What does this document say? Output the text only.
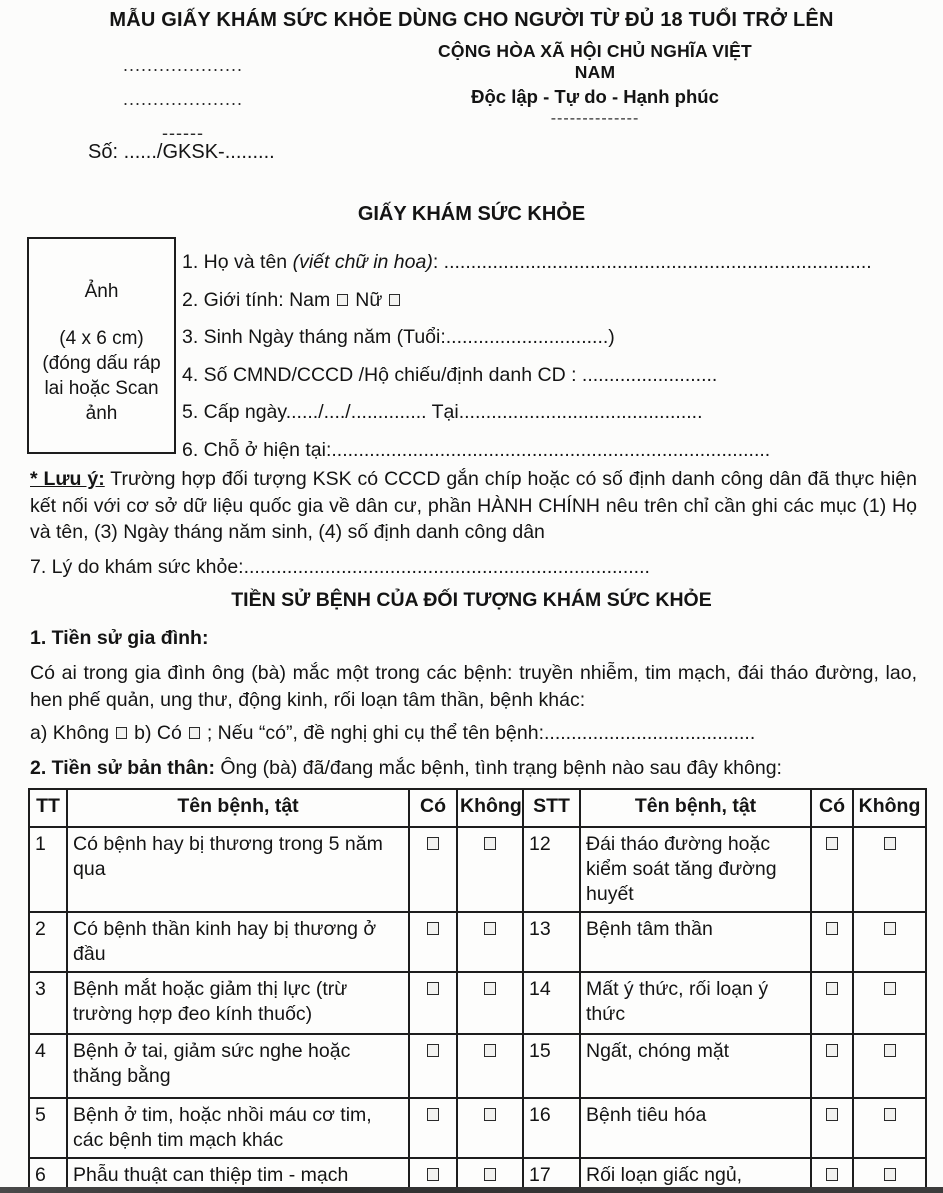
MẪU GIẤY KHÁM SỨC KHỎE DÙNG CHO NGƯỜI TỪ ĐỦ 18 TUỔI TRỞ LÊN
....................
....................
------
CỘNG HÒA XÃ HỘI CHỦ NGHĨA VIỆT NAM
Độc lập - Tự do - Hạnh phúc
--------------
Số: ....../GKSK-.........
GIẤY KHÁM SỨC KHỎE
Ảnh
(4 x 6 cm)
(đóng dấu ráp
lai hoặc Scan
ảnh
1. Họ và tên (viết chữ in hoa): ...............................................................................
2. Giới tính: Nam Nữ
3. Sinh Ngày tháng năm (Tuổi:..............................)
4. Số CMND/CCCD /Hộ chiếu/định danh CD : .........................
5. Cấp ngày....../..../.............. Tại.............................................
6. Chỗ ở hiện tại:.................................................................................
* Lưu ý: Trường hợp đối tượng KSK có CCCD gắn chíp hoặc có số định danh công dân đã thực hiện kết nối với cơ sở dữ liệu quốc gia về dân cư, phần HÀNH CHÍNH nêu trên chỉ cần ghi các mục (1) Họ và tên, (3) Ngày tháng năm sinh, (4) số định danh công dân
7. Lý do khám sức khỏe:...........................................................................
TIỀN SỬ BỆNH CỦA ĐỐI TƯỢNG KHÁM SỨC KHỎE
1. Tiền sử gia đình:
Có ai trong gia đình ông (bà) mắc một trong các bệnh: truyền nhiễm, tim mạch, đái tháo đường, lao, hen phế quản, ung thư, động kinh, rối loạn tâm thần, bệnh khác:
a) Không b) Có ; Nếu “có”, đề nghị ghi cụ thể tên bệnh:.......................................
2. Tiền sử bản thân: Ông (bà) đã/đang mắc bệnh, tình trạng bệnh nào sau đây không:
TT	Tên bệnh, tật	Có	Không	STT	Tên bệnh, tật	Có	Không
1	Có bệnh hay bị thương trong 5 năm qua			12	Đái tháo đường hoặc kiểm soát tăng đường huyết		
2	Có bệnh thần kinh hay bị thương ở đầu			13	Bệnh tâm thần		
3	Bệnh mắt hoặc giảm thị lực (trừ trường hợp đeo kính thuốc)			14	Mất ý thức, rối loạn ý thức		
4	Bệnh ở tai, giảm sức nghe hoặc thăng bằng			15	Ngất, chóng mặt		
5	Bệnh ở tim, hoặc nhồi máu cơ tim, các bệnh tim mạch khác			16	Bệnh tiêu hóa		
6	Phẫu thuật can thiệp tim - mạch			17	Rối loạn giấc ngủ,		
